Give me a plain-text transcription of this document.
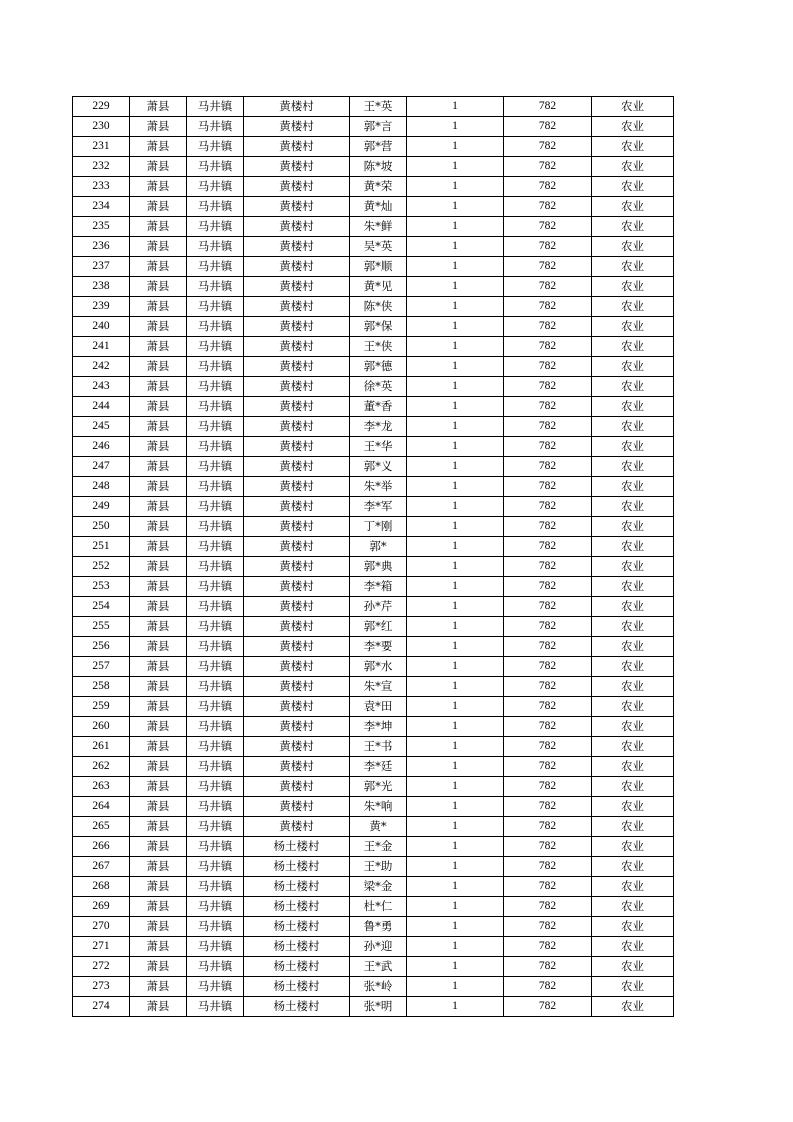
229	萧县	马井镇	黄楼村	王*英	1	782	农业
230	萧县	马井镇	黄楼村	郭*言	1	782	农业
231	萧县	马井镇	黄楼村	郭*营	1	782	农业
232	萧县	马井镇	黄楼村	陈*坡	1	782	农业
233	萧县	马井镇	黄楼村	黄*荣	1	782	农业
234	萧县	马井镇	黄楼村	黄*灿	1	782	农业
235	萧县	马井镇	黄楼村	朱*鲜	1	782	农业
236	萧县	马井镇	黄楼村	吴*英	1	782	农业
237	萧县	马井镇	黄楼村	郭*顺	1	782	农业
238	萧县	马井镇	黄楼村	黄*见	1	782	农业
239	萧县	马井镇	黄楼村	陈*侠	1	782	农业
240	萧县	马井镇	黄楼村	郭*保	1	782	农业
241	萧县	马井镇	黄楼村	王*侠	1	782	农业
242	萧县	马井镇	黄楼村	郭*德	1	782	农业
243	萧县	马井镇	黄楼村	徐*英	1	782	农业
244	萧县	马井镇	黄楼村	董*香	1	782	农业
245	萧县	马井镇	黄楼村	李*龙	1	782	农业
246	萧县	马井镇	黄楼村	王*华	1	782	农业
247	萧县	马井镇	黄楼村	郭*义	1	782	农业
248	萧县	马井镇	黄楼村	朱*举	1	782	农业
249	萧县	马井镇	黄楼村	李*军	1	782	农业
250	萧县	马井镇	黄楼村	丁*刚	1	782	农业
251	萧县	马井镇	黄楼村	郭*	1	782	农业
252	萧县	马井镇	黄楼村	郭*典	1	782	农业
253	萧县	马井镇	黄楼村	李*箱	1	782	农业
254	萧县	马井镇	黄楼村	孙*芹	1	782	农业
255	萧县	马井镇	黄楼村	郭*红	1	782	农业
256	萧县	马井镇	黄楼村	李*要	1	782	农业
257	萧县	马井镇	黄楼村	郭*水	1	782	农业
258	萧县	马井镇	黄楼村	朱*宣	1	782	农业
259	萧县	马井镇	黄楼村	袁*田	1	782	农业
260	萧县	马井镇	黄楼村	李*坤	1	782	农业
261	萧县	马井镇	黄楼村	王*书	1	782	农业
262	萧县	马井镇	黄楼村	李*廷	1	782	农业
263	萧县	马井镇	黄楼村	郭*光	1	782	农业
264	萧县	马井镇	黄楼村	朱*响	1	782	农业
265	萧县	马井镇	黄楼村	黄*	1	782	农业
266	萧县	马井镇	杨土楼村	王*金	1	782	农业
267	萧县	马井镇	杨土楼村	王*助	1	782	农业
268	萧县	马井镇	杨土楼村	梁*金	1	782	农业
269	萧县	马井镇	杨土楼村	杜*仁	1	782	农业
270	萧县	马井镇	杨土楼村	鲁*勇	1	782	农业
271	萧县	马井镇	杨土楼村	孙*迎	1	782	农业
272	萧县	马井镇	杨土楼村	王*武	1	782	农业
273	萧县	马井镇	杨土楼村	张*岭	1	782	农业
274	萧县	马井镇	杨土楼村	张*明	1	782	农业
